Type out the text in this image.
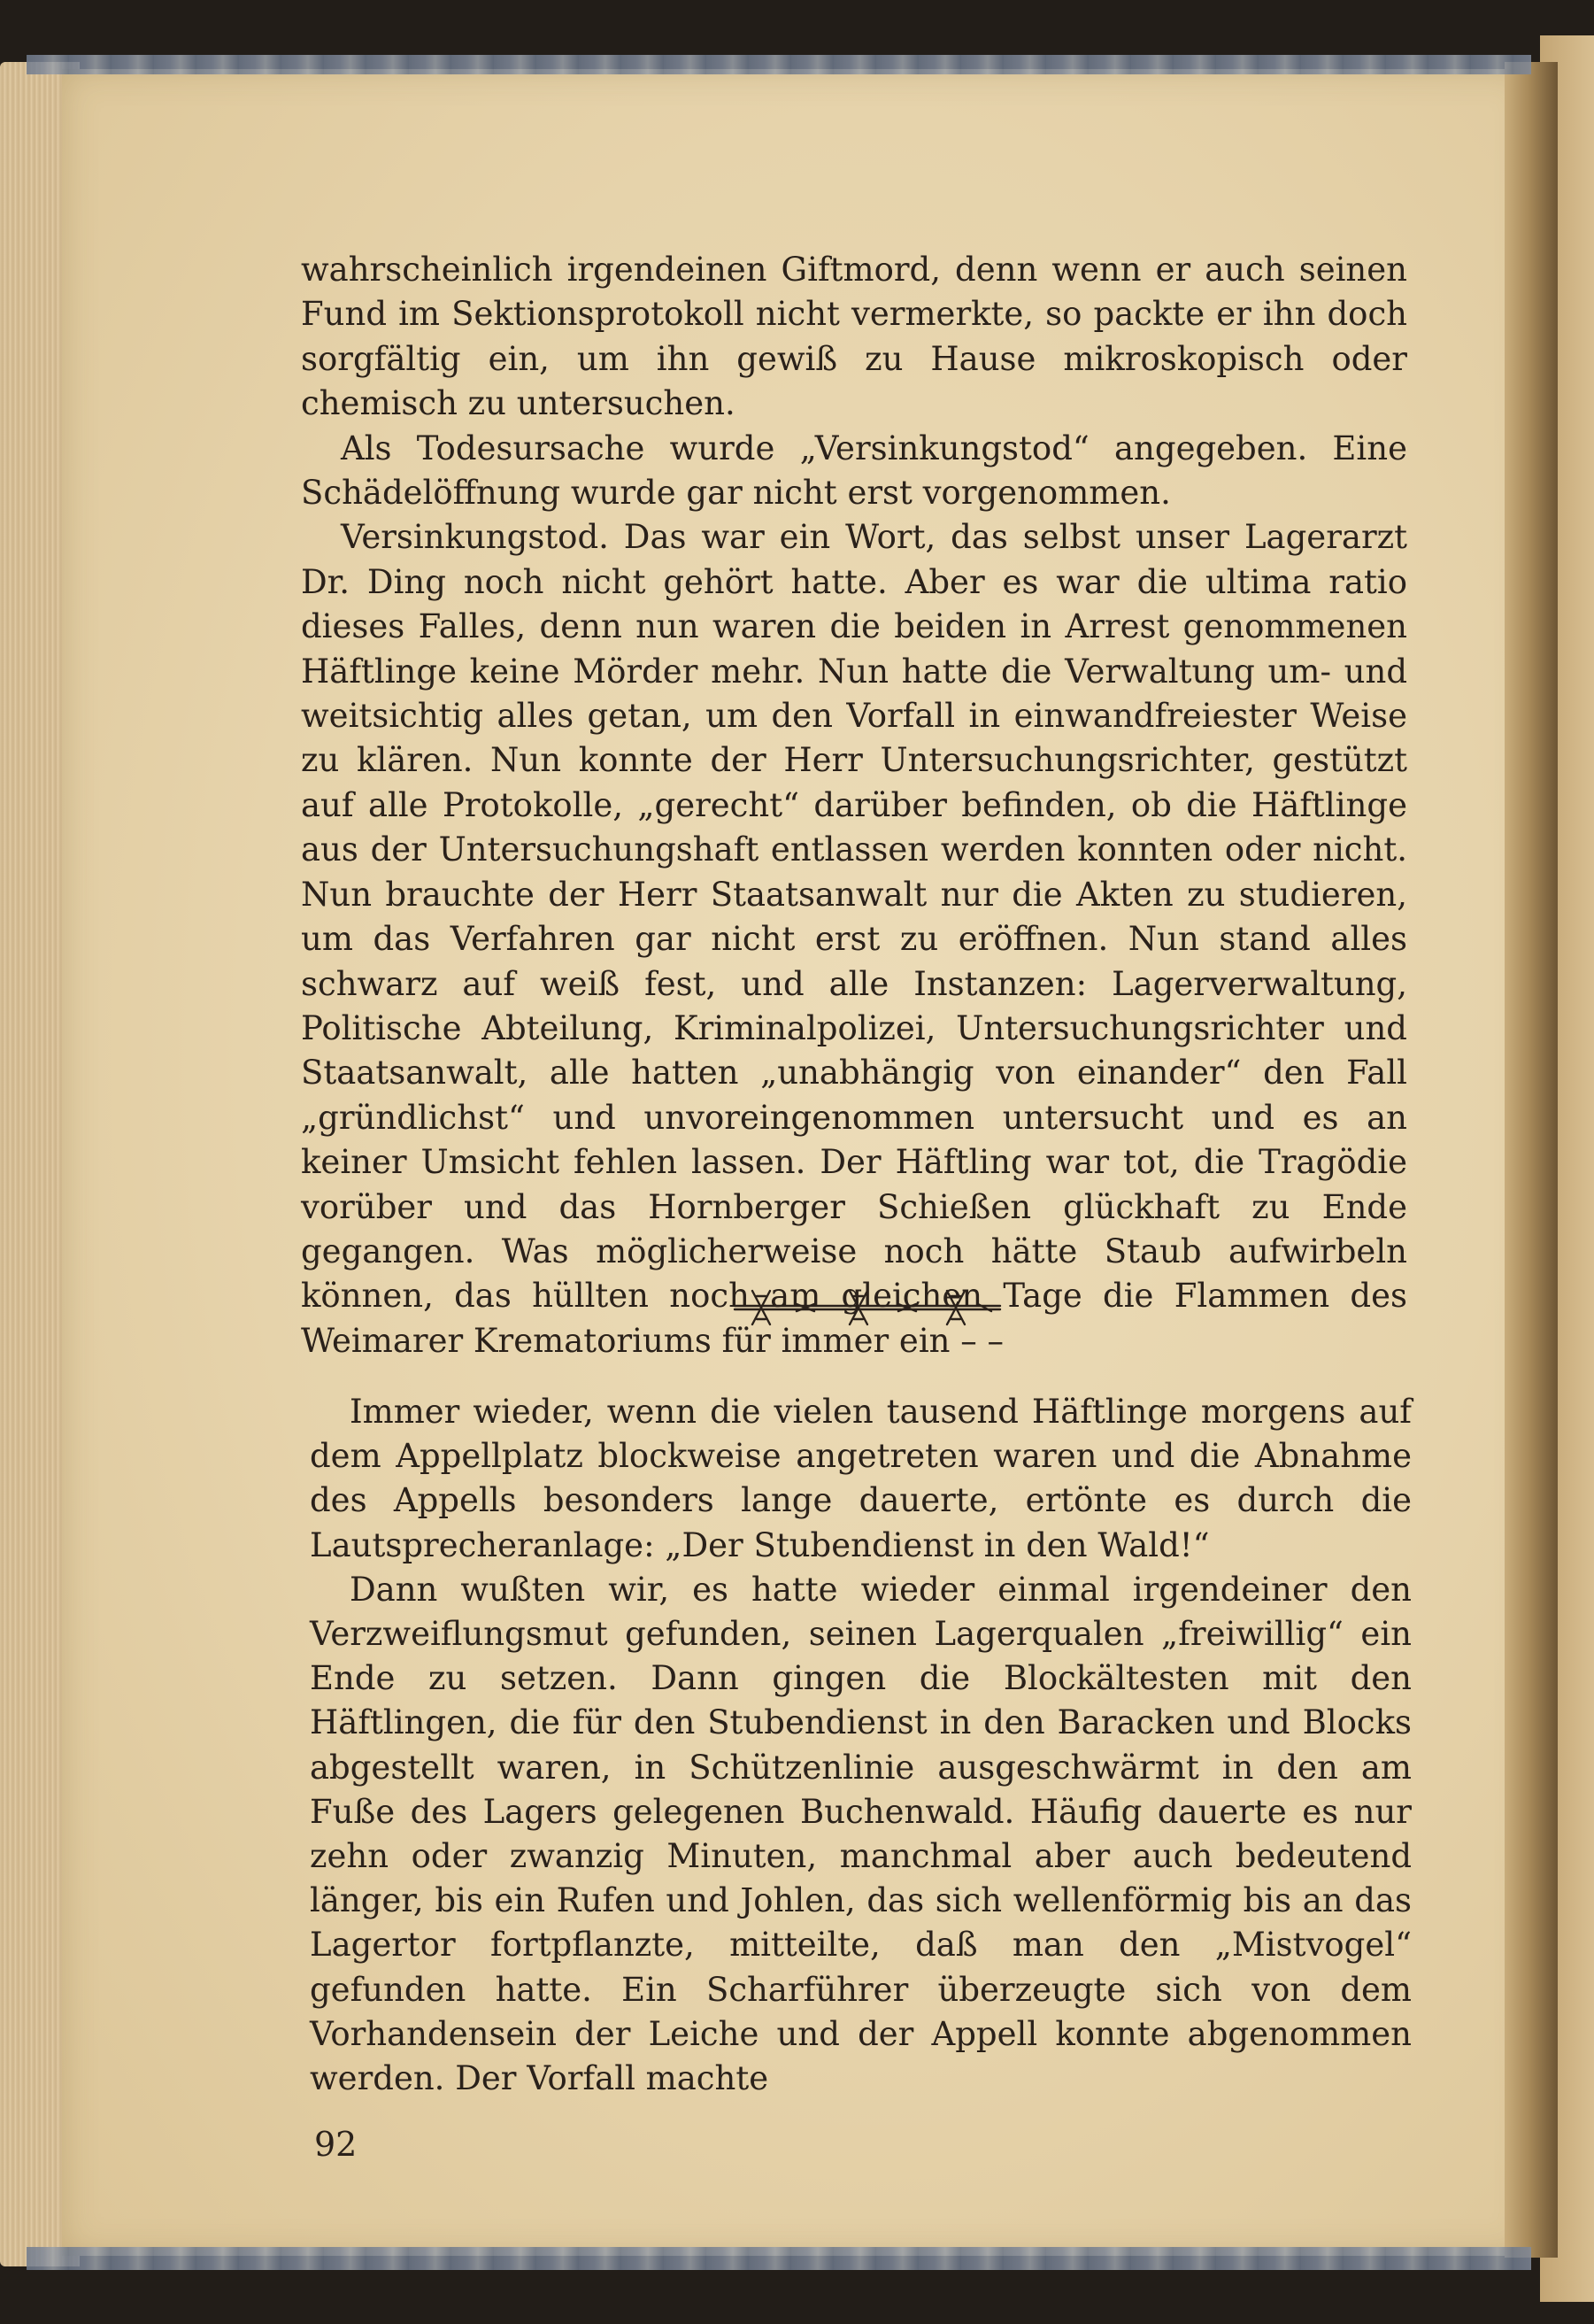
wahrscheinlich irgendeinen Giftmord, denn wenn er auch seinen Fund im Sektionsprotokoll nicht vermerkte, so packte er ihn doch sorgfältig ein, um ihn gewiß zu Hause mikroskopisch oder chemisch zu untersuchen.

Als Todesursache wurde „Versinkungstod“ angegeben. Eine Schädelöffnung wurde gar nicht erst vorgenommen.

Versinkungstod. Das war ein Wort, das selbst unser Lagerarzt Dr. Ding noch nicht gehört hatte. Aber es war die ultima ratio dieses Falles, denn nun waren die beiden in Arrest genommenen Häftlinge keine Mörder mehr. Nun hatte die Verwaltung um- und weitsichtig alles getan, um den Vorfall in einwandfreiester Weise zu klären. Nun konnte der Herr Untersuchungsrichter, gestützt auf alle Protokolle, „gerecht“ darüber befinden, ob die Häftlinge aus der Untersuchungshaft entlassen werden konnten oder nicht. Nun brauchte der Herr Staatsanwalt nur die Akten zu studieren, um das Verfahren gar nicht erst zu eröffnen. Nun stand alles schwarz auf weiß fest, und alle Instanzen: Lagerverwaltung, Politische Abteilung, Kriminalpolizei, Untersuchungsrichter und Staatsanwalt, alle hatten „unabhängig von einander“ den Fall „gründlichst“ und unvoreingenommen untersucht und es an keiner Umsicht fehlen lassen. Der Häftling war tot, die Tragödie vorüber und das Hornberger Schießen glückhaft zu Ende gegangen. Was möglicherweise noch hätte Staub aufwirbeln können, das hüllten noch am gleichen Tage die Flammen des Weimarer Krematoriums für immer ein – –

Immer wieder, wenn die vielen tausend Häftlinge morgens auf dem Appellplatz blockweise angetreten waren und die Abnahme des Appells besonders lange dauerte, ertönte es durch die Lautsprecheranlage: „Der Stubendienst in den Wald!“

Dann wußten wir, es hatte wieder einmal irgendeiner den Verzweiflungsmut gefunden, seinen Lagerqualen „freiwillig“ ein Ende zu setzen. Dann gingen die Blockältesten mit den Häftlingen, die für den Stubendienst in den Baracken und Blocks abgestellt waren, in Schützenlinie ausgeschwärmt in den am Fuße des Lagers gelegenen Buchenwald. Häufig dauerte es nur zehn oder zwanzig Minuten, manchmal aber auch bedeutend länger, bis ein Rufen und Johlen, das sich wellenförmig bis an das Lagertor fortpflanzte, mitteilte, daß man den „Mistvogel“ gefunden hatte. Ein Scharführer überzeugte sich von dem Vorhandensein der Leiche und der Appell konnte abgenommen werden. Der Vorfall machte

92
